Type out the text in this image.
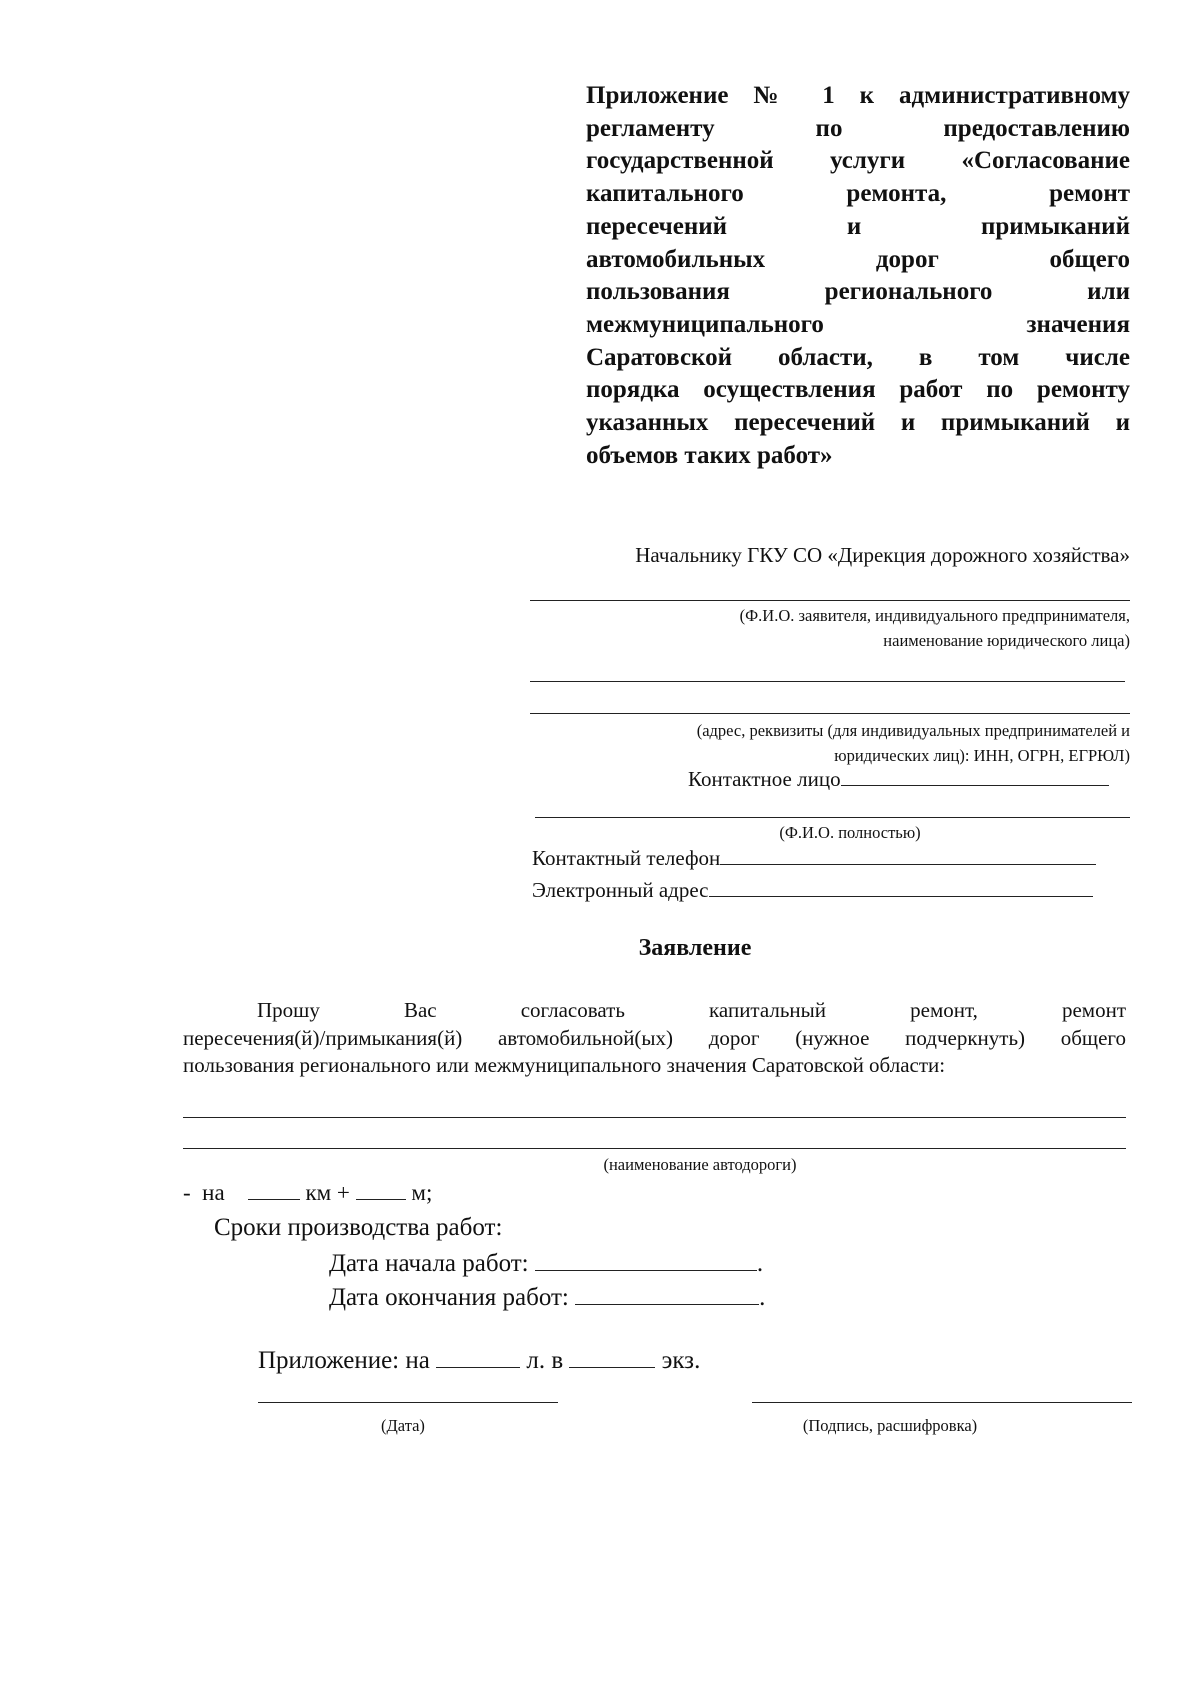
Приложение № 1 к административному
регламенту по предоставлению
государственной услуги «Согласование
капитального ремонта, ремонт
пересечений и примыканий
автомобильных дорог общего
пользования регионального или
межмуниципального значения
Саратовской области, в том числе
порядка осуществления работ по ремонту
указанных пересечений и примыканий и
объемов таких работ»
Начальнику ГКУ СО «Дирекция дорожного хозяйства»
(Ф.И.О. заявителя, индивидуального предпринимателя,
наименование юридического лица)
(адрес, реквизиты (для индивидуальных предпринимателей и
юридических лиц): ИНН, ОГРН, ЕГРЮЛ)
Контактное лицо
(Ф.И.О. полностью)
Контактный телефон
Электронный адрес
Заявление
Прошу Вас согласовать капитальный ремонт, ремонт
пересечения(й)/примыкания(й) автомобильной(ых) дорог (нужное подчеркнуть) общего
пользования регионального или межмуниципального значения Саратовской области:
(наименование автодороги)
- на	км +	м;
Сроки производства работ:
Дата начала работ:	.
Дата окончания работ:	.
Приложение: на	л. в	экз.
(Дата)	(Подпись, расшифровка)
